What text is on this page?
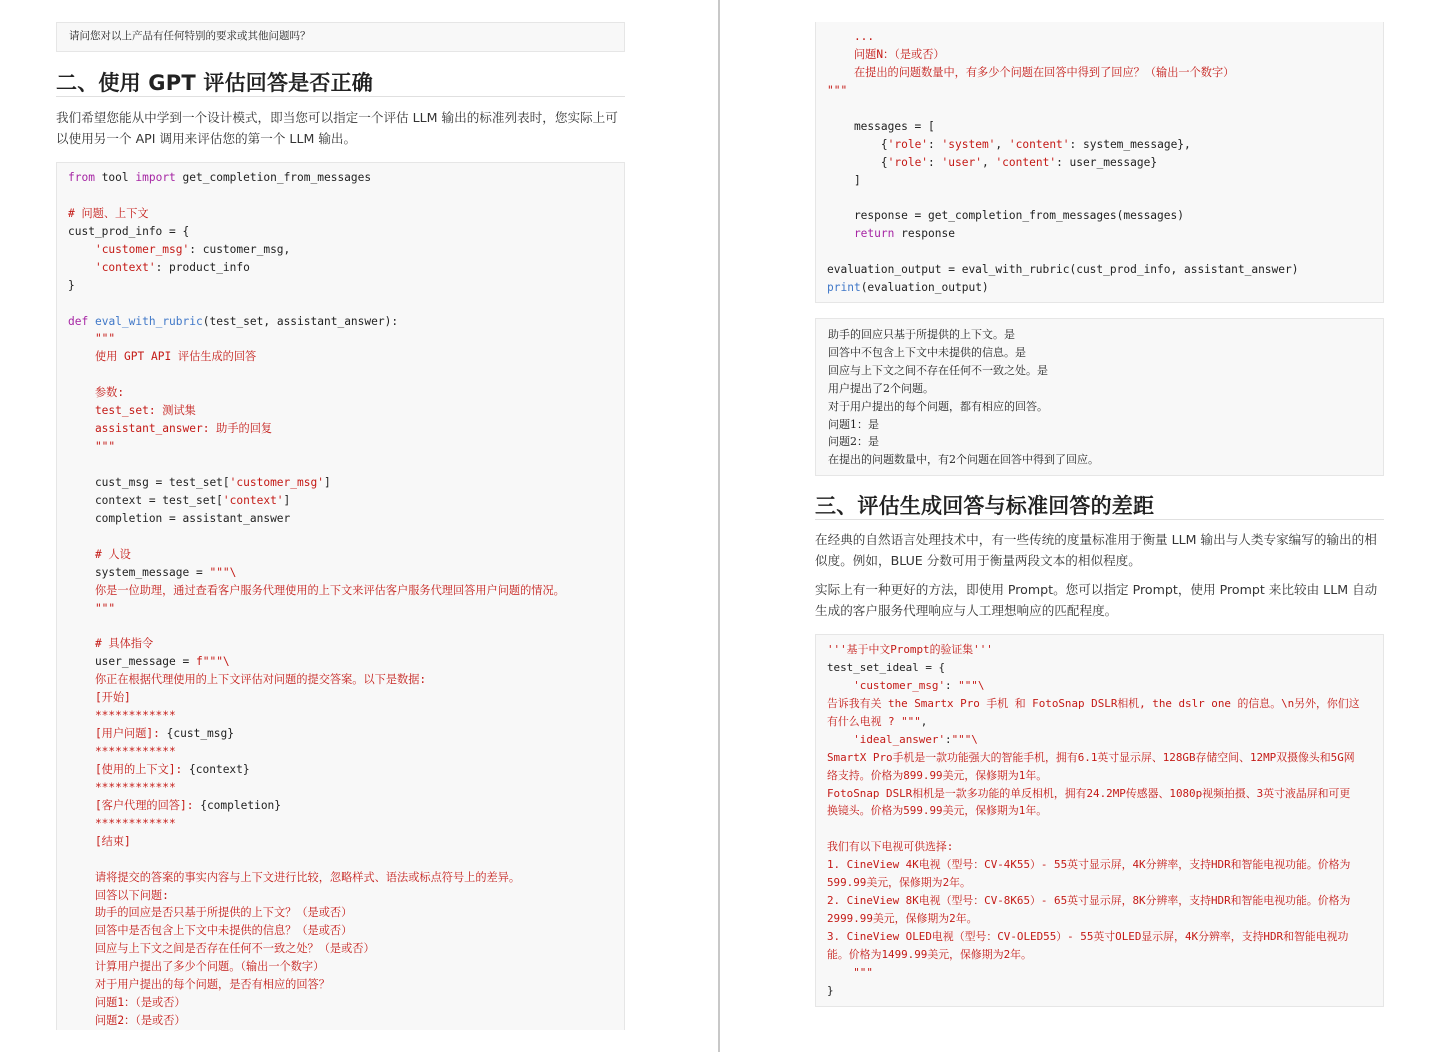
请问您对以上产品有任何特别的要求或其他问题吗？
二、使用 GPT 评估回答是否正确

我们希望您能从中学到一个设计模式，即当您可以指定一个评估 LLM 输出的标准列表时，您实际上可以使用另一个 API 调用来评估您的第一个 LLM 输出。

from tool import get_completion_from_messages

# 问题、上下文
cust_prod_info = {
'customer_msg': customer_msg,
'context': product_info
}

def eval_with_rubric(test_set, assistant_answer):
"""
使用 GPT API 评估生成的回答

参数:
test_set: 测试集
assistant_answer: 助手的回复
"""

cust_msg = test_set['customer_msg']
context = test_set['context']
completion = assistant_answer

# 人设
system_message = """\
你是一位助理，通过查看客户服务代理使用的上下文来评估客户服务代理回答用户问题的情况。
"""

# 具体指令
user_message = f"""\
你正在根据代理使用的上下文评估对问题的提交答案。以下是数据:
[开始]
************
[用户问题]: {cust_msg}
************
[使用的上下文]: {context}
************
[客户代理的回答]: {completion}
************
[结束]

请将提交的答案的事实内容与上下文进行比较，忽略样式、语法或标点符号上的差异。
回答以下问题:
助手的回应是否只基于所提供的上下文？（是或否）
回答中是否包含上下文中未提供的信息？（是或否）
回应与上下文之间是否存在任何不一致之处？（是或否）
计算用户提出了多少个问题。（输出一个数字）
对于用户提出的每个问题，是否有相应的回答？
问题1：（是或否）
问题2：（是或否）
...
问题N：（是或否）
在提出的问题数量中，有多少个问题在回答中得到了回应？（输出一个数字）
"""

messages = [
{'role': 'system', 'content': system_message},
{'role': 'user', 'content': user_message}
]

response = get_completion_from_messages(messages)
return response

evaluation_output = eval_with_rubric(cust_prod_info, assistant_answer)
print(evaluation_output)
助手的回应只基于所提供的上下文。是
回答中不包含上下文中未提供的信息。是
回应与上下文之间不存在任何不一致之处。是
用户提出了2个问题。
对于用户提出的每个问题，都有相应的回答。
问题1：是
问题2：是
在提出的问题数量中，有2个问题在回答中得到了回应。
三、评估生成回答与标准回答的差距

在经典的自然语言处理技术中，有一些传统的度量标准用于衡量 LLM 输出与人类专家编写的输出的相似度。例如，BLUE 分数可用于衡量两段文本的相似程度。

实际上有一种更好的方法，即使用 Prompt。您可以指定 Prompt，使用 Prompt 来比较由 LLM 自动生成的客户服务代理响应与人工理想响应的匹配程度。

'''基于中文Prompt的验证集'''
test_set_ideal = {
'customer_msg': """\
告诉我有关 the Smartx Pro 手机 和 FotoSnap DSLR相机, the dslr one 的信息。\n另外，你们这
有什么电视 ? """,
'ideal_answer':"""\
SmartX Pro手机是一款功能强大的智能手机，拥有6.1英寸显示屏、128GB存储空间、12MP双摄像头和5G网
络支持。价格为899.99美元，保修期为1年。
FotoSnap DSLR相机是一款多功能的单反相机，拥有24.2MP传感器、1080p视频拍摄、3英寸液晶屏和可更
换镜头。价格为599.99美元，保修期为1年。

我们有以下电视可供选择:
1. CineView 4K电视（型号：CV-4K55）- 55英寸显示屏，4K分辨率，支持HDR和智能电视功能。价格为
599.99美元，保修期为2年。
2. CineView 8K电视（型号：CV-8K65）- 65英寸显示屏，8K分辨率，支持HDR和智能电视功能。价格为
2999.99美元，保修期为2年。
3. CineView OLED电视（型号：CV-OLED55）- 55英寸OLED显示屏，4K分辨率，支持HDR和智能电视功
能。价格为1499.99美元，保修期为2年。
"""
}
